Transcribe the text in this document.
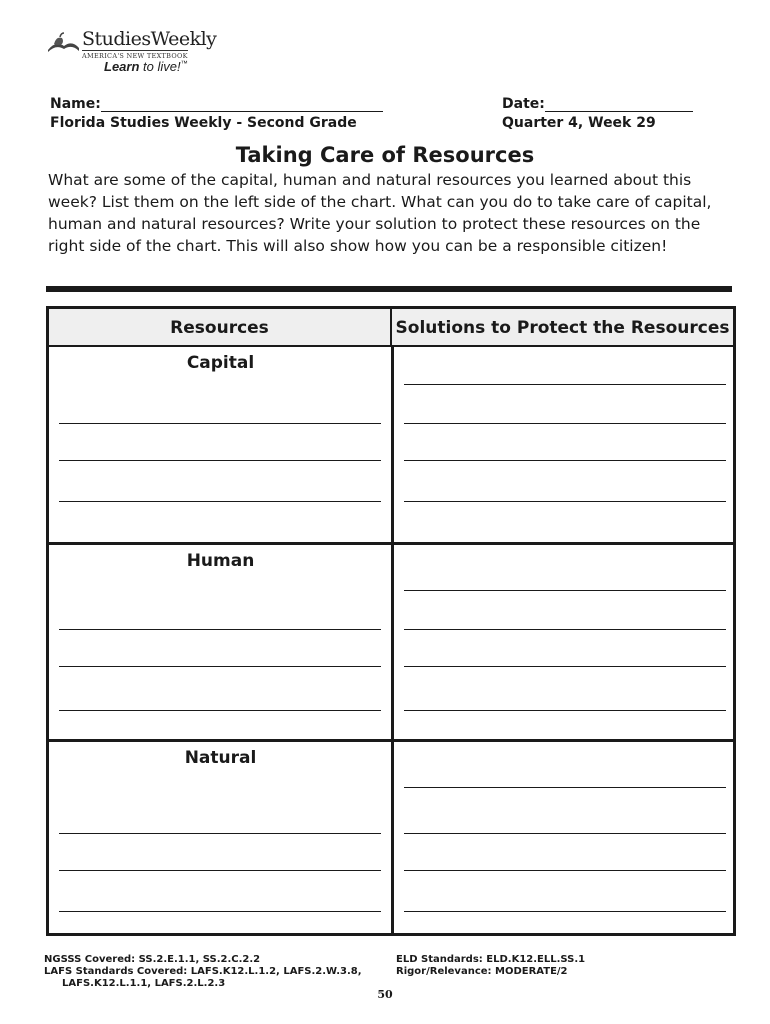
StudiesWeekly
AMERICA'S NEW TEXTBOOK
Learn to live!™
Name:	Date:
Florida Studies Weekly - Second Grade	Quarter 4, Week 29
Taking Care of Resources
What are some of the capital, human and natural resources you learned about this week? List them on the left side of the chart. What can you do to take care of capital, human and natural resources? Write your solution to protect these resources on the right side of the chart. This will also show how you can be a responsible citizen!
Resources	Solutions to Protect the Resources
Capital
Human
Natural
NGSSS Covered: SS.2.E.1.1, SS.2.C.2.2
LAFS Standards Covered: LAFS.K12.L.1.2, LAFS.2.W.3.8,
LAFS.K12.L.1.1, LAFS.2.L.2.3
ELD Standards: ELD.K12.ELL.SS.1
Rigor/Relevance: MODERATE/2
50
